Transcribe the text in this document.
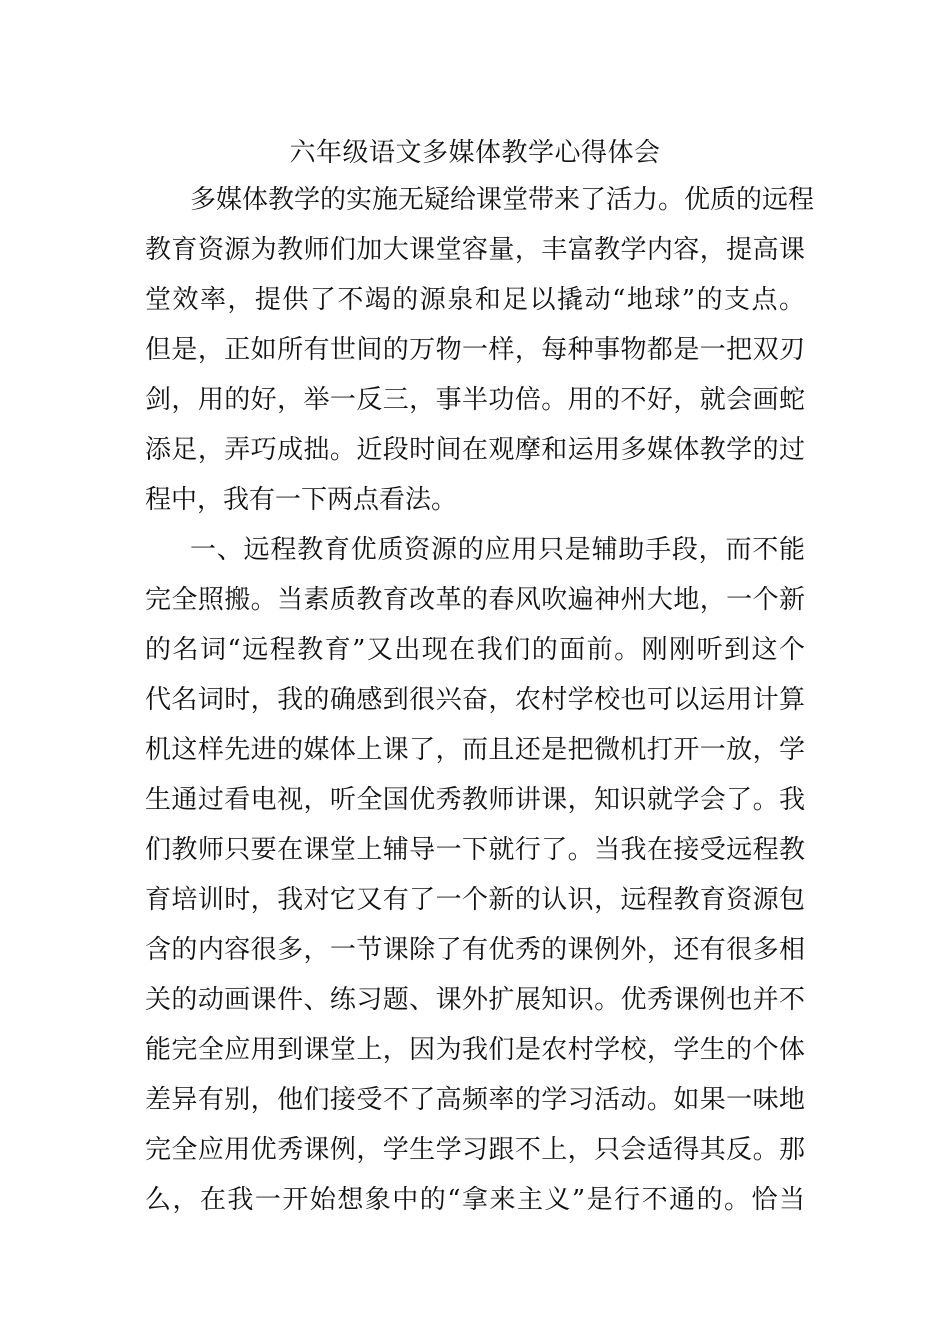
六年级语文多媒体教学心得体会
多媒体教学的实施无疑给课堂带来了活力。优质的远程
教育资源为教师们加大课堂容量，丰富教学内容，提高课
堂效率，提供了不竭的源泉和足以撬动“地球”的支点。
但是，正如所有世间的万物一样，每种事物都是一把双刃
剑，用的好，举一反三，事半功倍。用的不好，就会画蛇
添足，弄巧成拙。近段时间在观摩和运用多媒体教学的过
程中，我有一下两点看法。
一、远程教育优质资源的应用只是辅助手段，而不能
完全照搬。当素质教育改革的春风吹遍神州大地，一个新
的名词“远程教育”又出现在我们的面前。刚刚听到这个
代名词时，我的确感到很兴奋，农村学校也可以运用计算
机这样先进的媒体上课了，而且还是把微机打开一放，学
生通过看电视，听全国优秀教师讲课，知识就学会了。我
们教师只要在课堂上辅导一下就行了。当我在接受远程教
育培训时，我对它又有了一个新的认识，远程教育资源包
含的内容很多，一节课除了有优秀的课例外，还有很多相
关的动画课件、练习题、课外扩展知识。优秀课例也并不
能完全应用到课堂上，因为我们是农村学校，学生的个体
差异有别，他们接受不了高频率的学习活动。如果一味地
完全应用优秀课例，学生学习跟不上，只会适得其反。那
么，在我一开始想象中的“拿来主义”是行不通的。恰当
